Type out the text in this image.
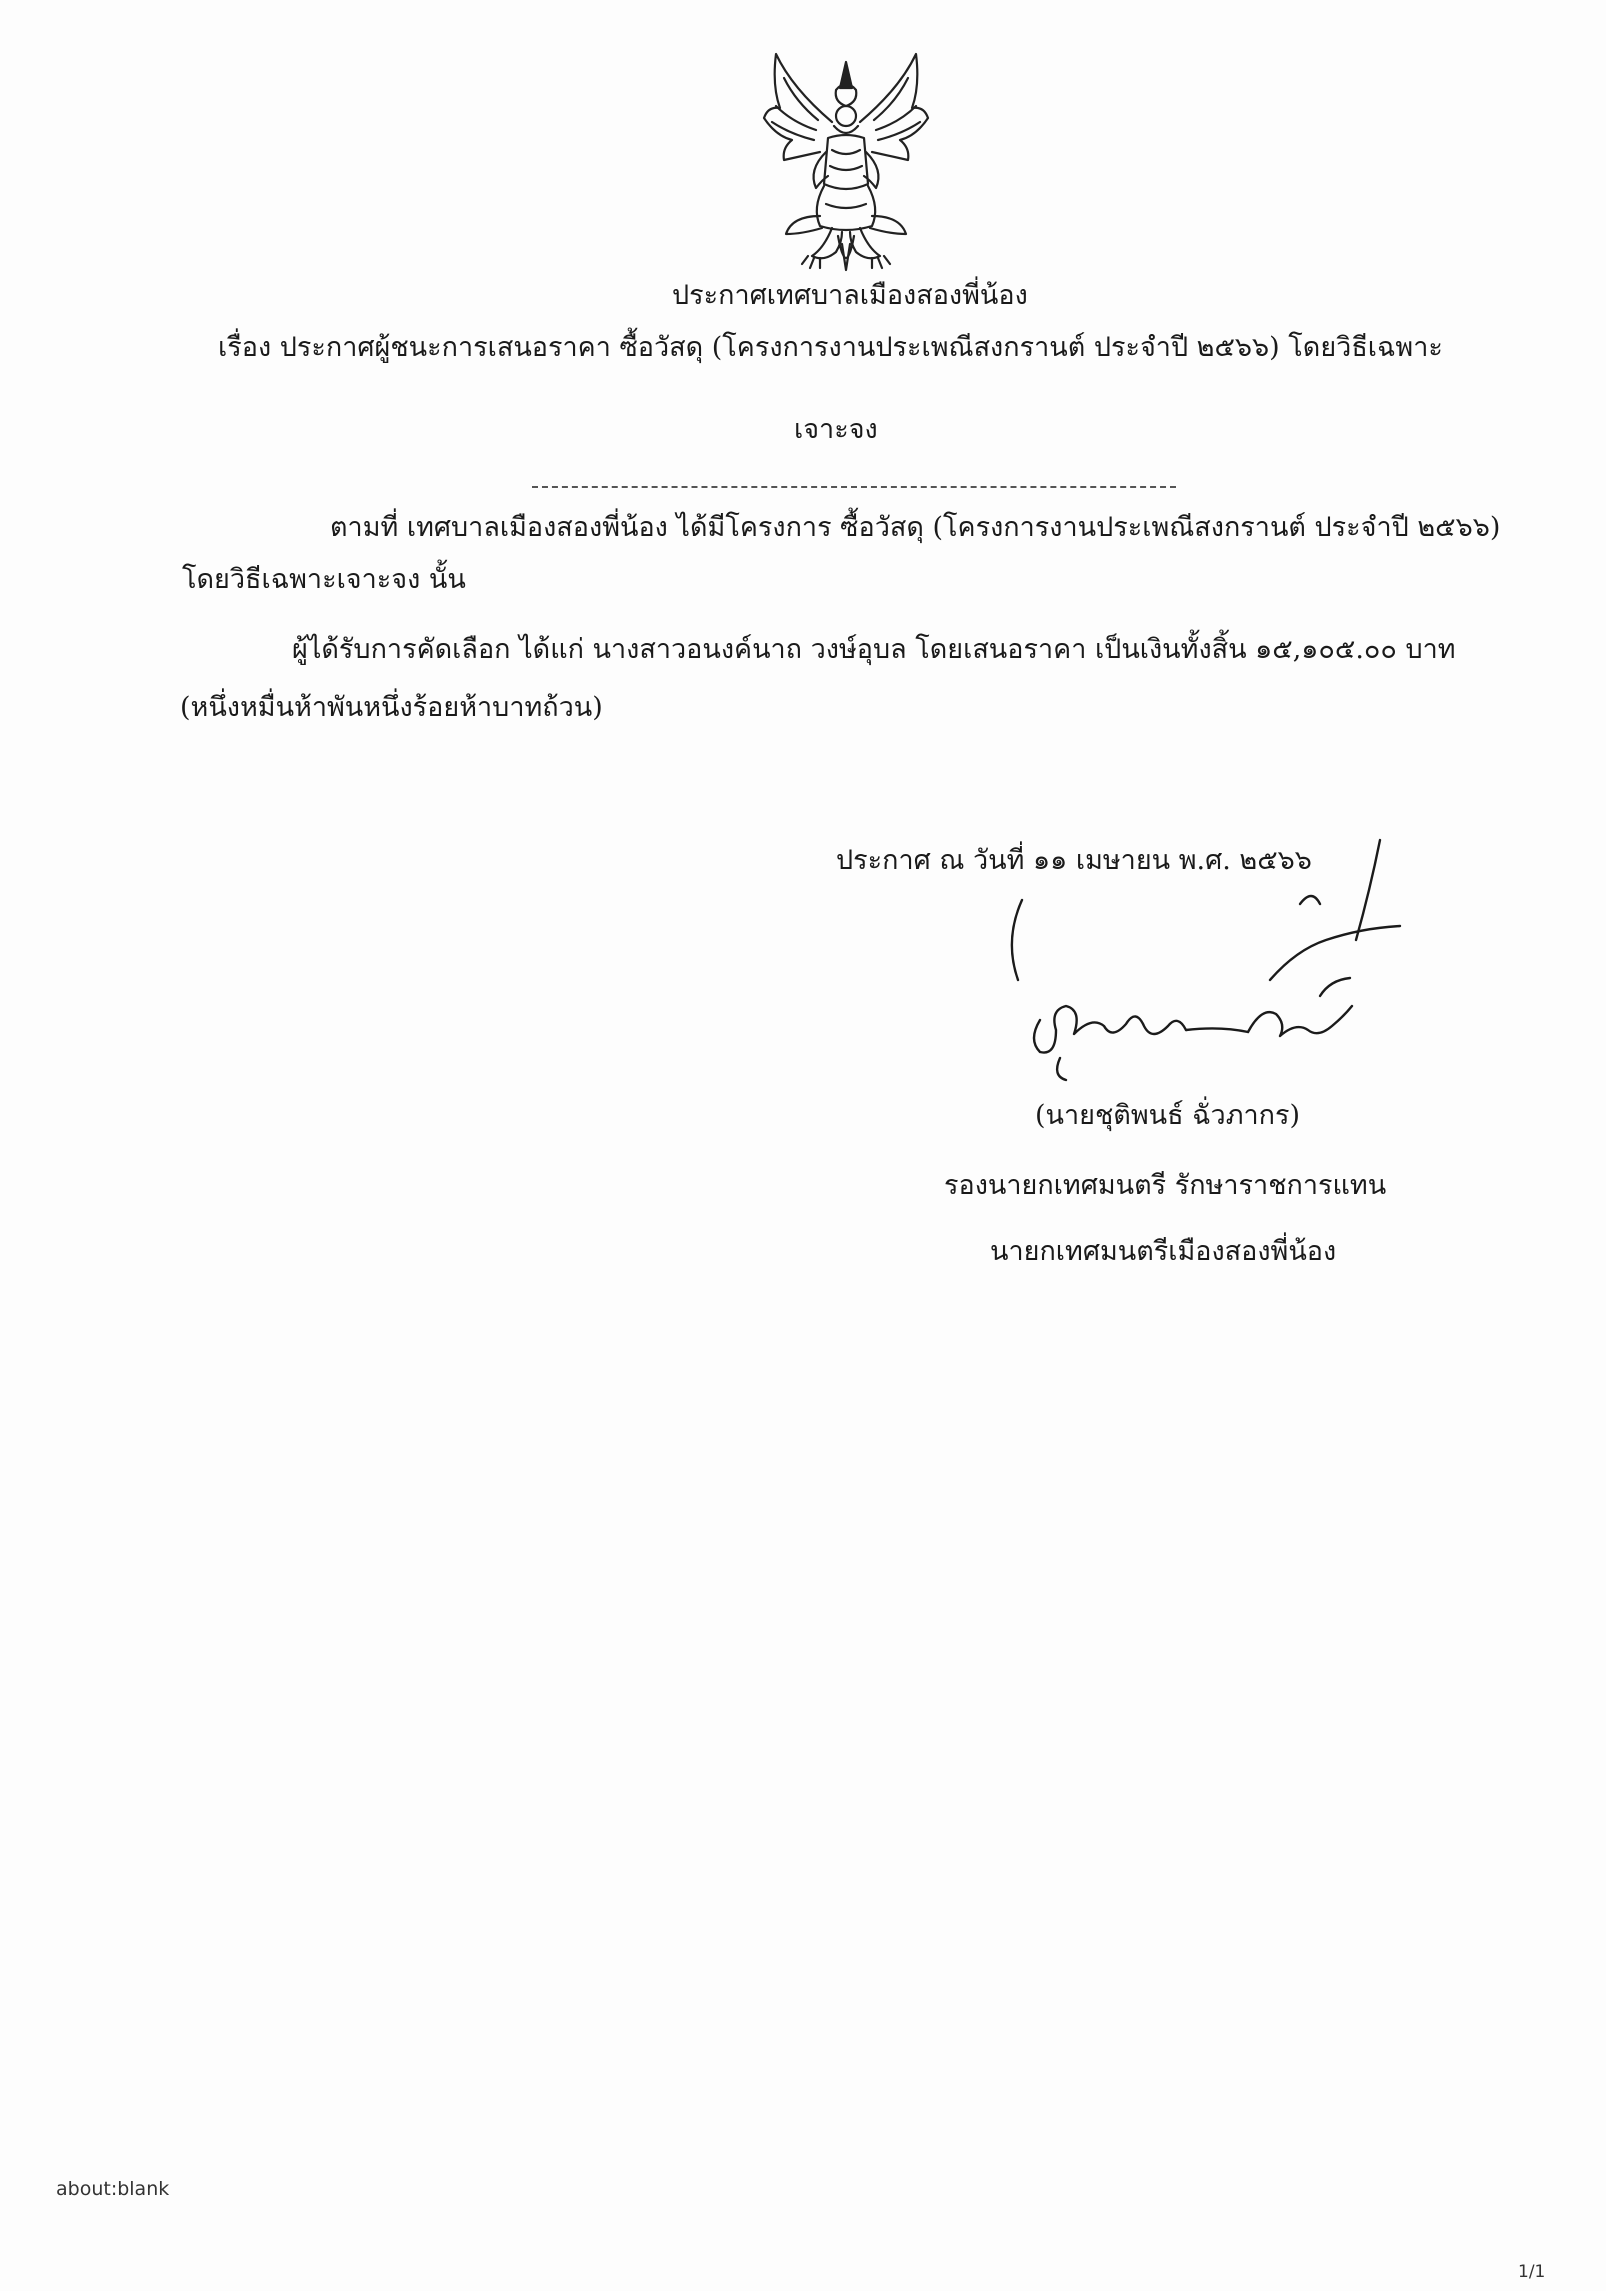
ประกาศเทศบาลเมืองสองพี่น้อง
เรื่อง ประกาศผู้ชนะการเสนอราคา ซื้อวัสดุ (โครงการงานประเพณีสงกรานต์ ประจำปี ๒๕๖๖) โดยวิธีเฉพาะ
เจาะจง
ตามที่ เทศบาลเมืองสองพี่น้อง ได้มีโครงการ ซื้อวัสดุ (โครงการงานประเพณีสงกรานต์ ประจำปี ๒๕๖๖)
โดยวิธีเฉพาะเจาะจง นั้น
ผู้ได้รับการคัดเลือก ได้แก่ นางสาวอนงค์นาถ วงษ์อุบล โดยเสนอราคา เป็นเงินทั้งสิ้น ๑๕,๑๐๕.๐๐ บาท
(หนึ่งหมื่นห้าพันหนึ่งร้อยห้าบาทถ้วน)
ประกาศ ณ วันที่ ๑๑ เมษายน พ.ศ. ๒๕๖๖
(นายชุติพนธ์ ฉั่วภากร)
รองนายกเทศมนตรี รักษาราชการแทน
นายกเทศมนตรีเมืองสองพี่น้อง
about:blank
1/1
